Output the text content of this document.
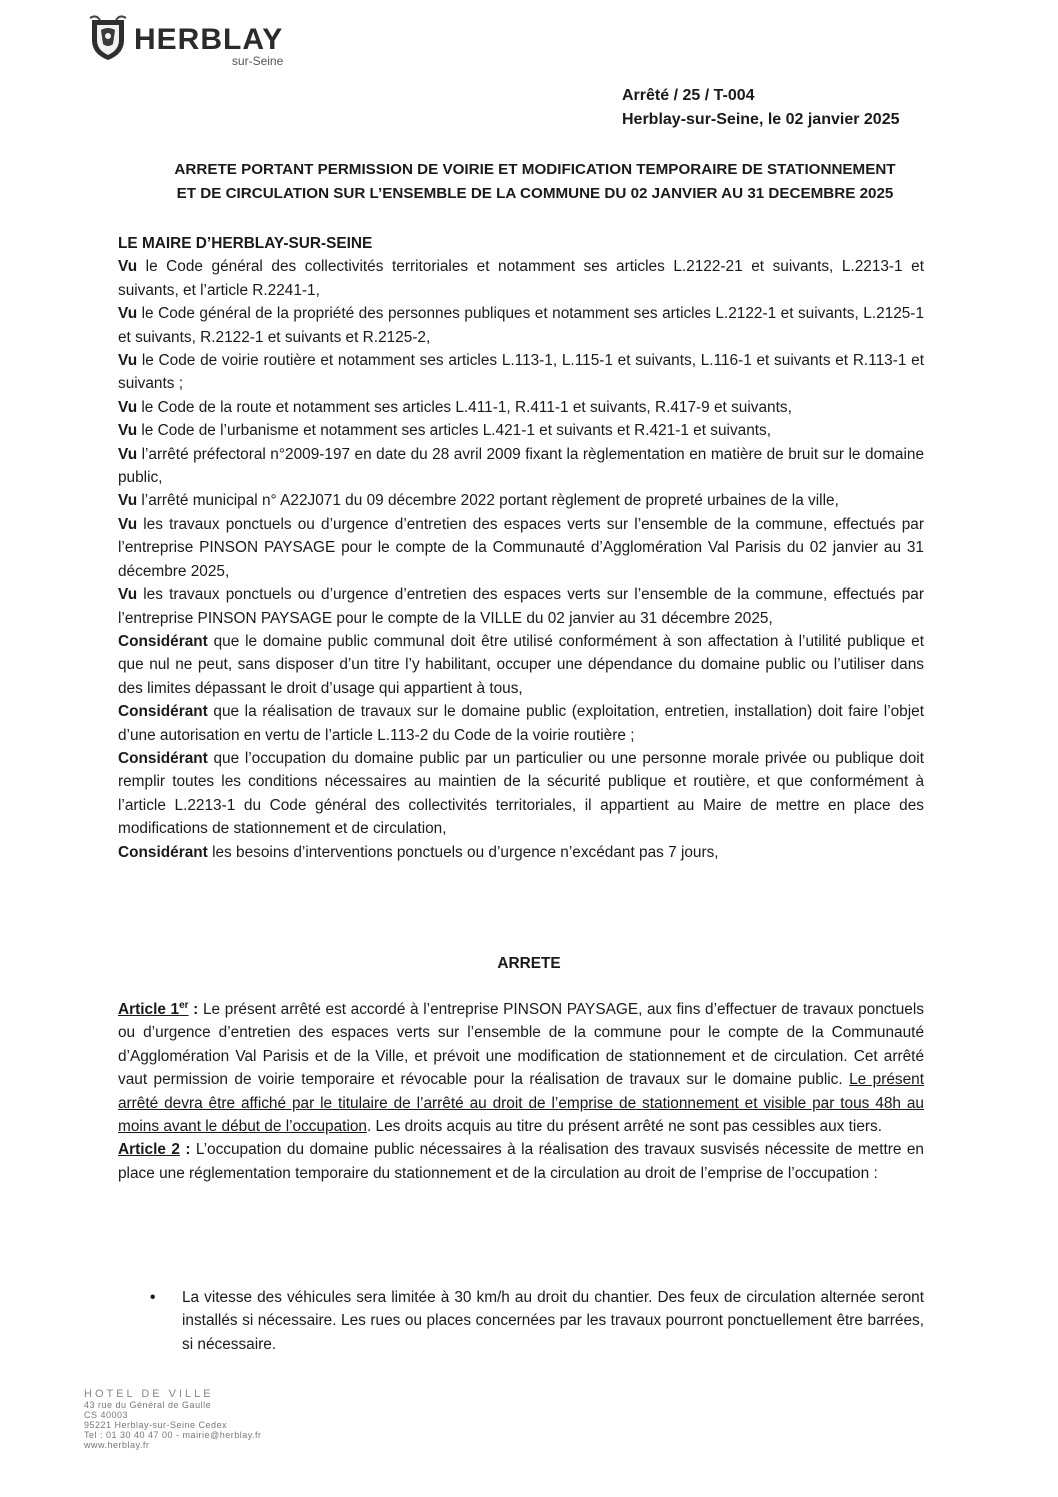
HERBLAY
sur-Seine
Arrêté / 25 / T-004
Herblay-sur-Seine, le 02 janvier 2025
ARRETE PORTANT PERMISSION DE VOIRIE ET MODIFICATION TEMPORAIRE DE STATIONNEMENT
ET DE CIRCULATION SUR L’ENSEMBLE DE LA COMMUNE DU 02 JANVIER AU 31 DECEMBRE 2025

LE MAIRE D’HERBLAY-SUR-SEINE

Vu le Code général des collectivités territoriales et notamment ses articles L.2122-21 et suivants, L.2213-1 et suivants, et l’article R.2241-1,

Vu le Code général de la propriété des personnes publiques et notamment ses articles L.2122-1 et suivants, L.2125-1 et suivants, R.2122-1 et suivants et R.2125-2,

Vu le Code de voirie routière et notamment ses articles L.113-1, L.115-1 et suivants, L.116-1 et suivants et R.113-1 et suivants ;

Vu le Code de la route et notamment ses articles L.411-1, R.411-1 et suivants, R.417-9 et suivants,

Vu le Code de l’urbanisme et notamment ses articles L.421-1 et suivants et R.421-1 et suivants,

Vu l’arrêté préfectoral n°2009-197 en date du 28 avril 2009 fixant la règlementation en matière de bruit sur le domaine public,

Vu l’arrêté municipal n° A22J071 du 09 décembre 2022 portant règlement de propreté urbaines de la ville,

Vu les travaux ponctuels ou d’urgence d’entretien des espaces verts sur l’ensemble de la commune, effectués par l’entreprise PINSON PAYSAGE pour le compte de la Communauté d’Agglomération Val Parisis du 02 janvier au 31 décembre 2025,

Vu les travaux ponctuels ou d’urgence d’entretien des espaces verts sur l’ensemble de la commune, effectués par l’entreprise PINSON PAYSAGE pour le compte de la VILLE du 02 janvier au 31 décembre 2025,

Considérant que le domaine public communal doit être utilisé conformément à son affectation à l’utilité publique et que nul ne peut, sans disposer d’un titre l’y habilitant, occuper une dépendance du domaine public ou l’utiliser dans des limites dépassant le droit d’usage qui appartient à tous,

Considérant que la réalisation de travaux sur le domaine public (exploitation, entretien, installation) doit faire l’objet d’une autorisation en vertu de l’article L.113-2 du Code de la voirie routière ;

Considérant que l’occupation du domaine public par un particulier ou une personne morale privée ou publique doit remplir toutes les conditions nécessaires au maintien de la sécurité publique et routière, et que conformément à l’article L.2213-1 du Code général des collectivités territoriales, il appartient au Maire de mettre en place des modifications de stationnement et de circulation,

Considérant les besoins d’interventions ponctuels ou d’urgence n’excédant pas 7 jours,

ARRETE

Article 1er : Le présent arrêté est accordé à l’entreprise PINSON PAYSAGE, aux fins d’effectuer de travaux ponctuels ou d’urgence d’entretien des espaces verts sur l’ensemble de la commune pour le compte de la Communauté d’Agglomération Val Parisis et de la Ville, et prévoit une modification de stationnement et de circulation. Cet arrêté vaut permission de voirie temporaire et révocable pour la réalisation de travaux sur le domaine public. Le présent arrêté devra être affiché par le titulaire de l’arrêté au droit de l’emprise de stationnement et visible par tous 48h au moins avant le début de l’occupation. Les droits acquis au titre du présent arrêté ne sont pas cessibles aux tiers.

Article 2 : L’occupation du domaine public nécessaires à la réalisation des travaux susvisés nécessite de mettre en place une réglementation temporaire du stationnement et de la circulation au droit de l’emprise de l’occupation :

•	La vitesse des véhicules sera limitée à 30 km/h au droit du chantier. Des feux de circulation alternée seront installés si nécessaire. Les rues ou places concernées par les travaux pourront ponctuellement être barrées, si nécessaire.
HOTEL DE VILLE
43 rue du Général de Gaulle
CS 40003
95221 Herblay-sur-Seine Cedex
Tel : 01 30 40 47 00 - mairie@herblay.fr
www.herblay.fr
